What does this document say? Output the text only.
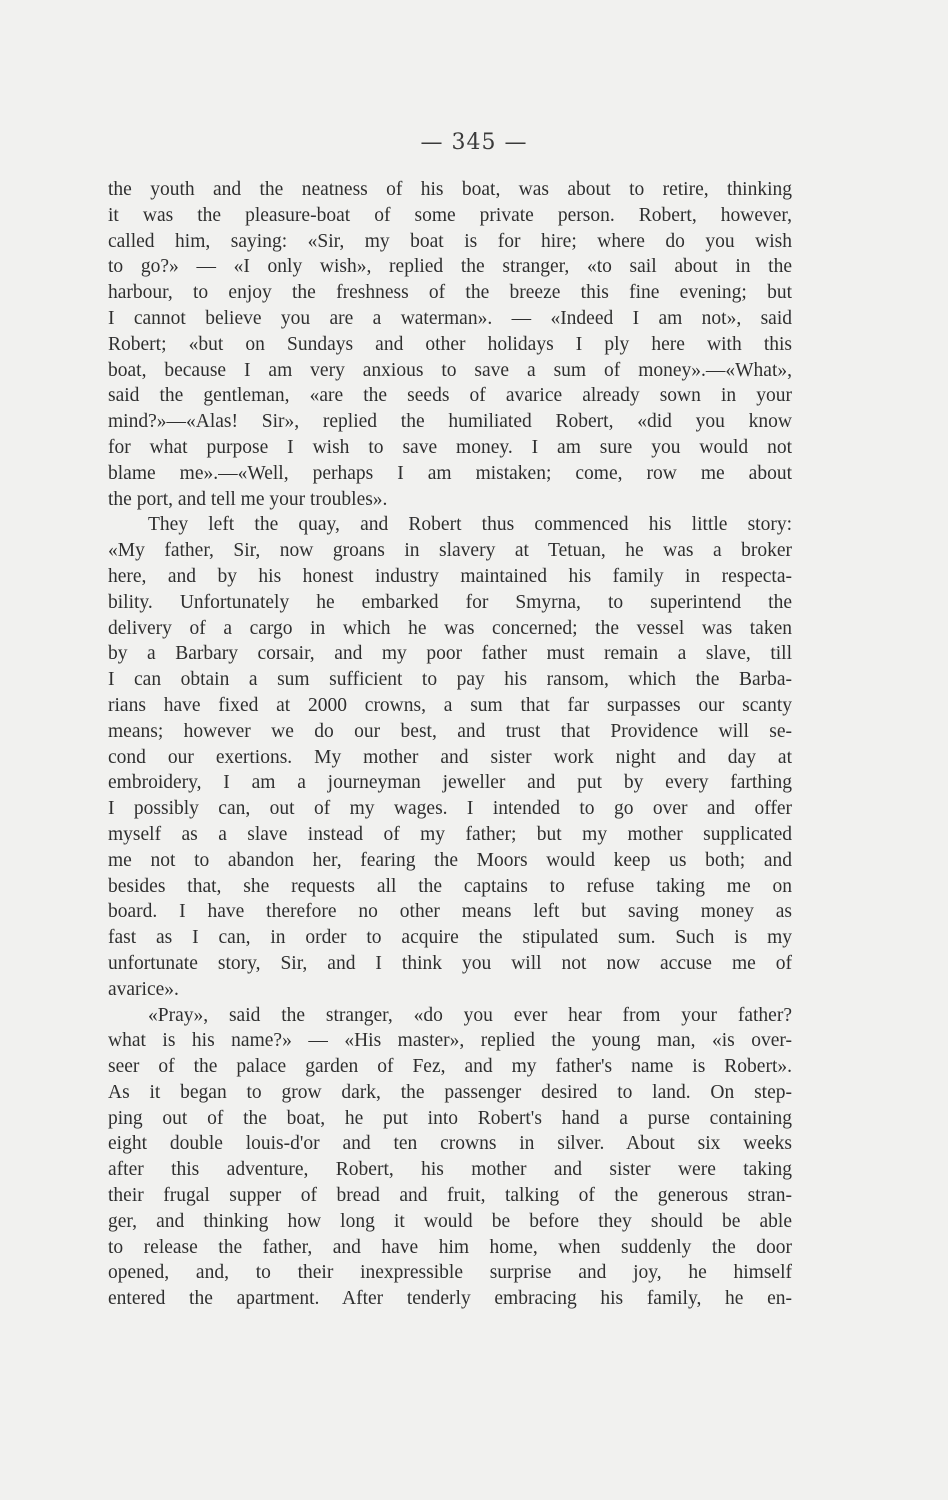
— 345 —
the youth and the neatness of his boat, was about to retire, thinking
it was the pleasure-boat of some private person. Robert, however,
called him, saying: «Sir, my boat is for hire; where do you wish
to go?» — «I only wish», replied the stranger, «to sail about in the
harbour, to enjoy the freshness of the breeze this fine evening; but
I cannot believe you are a waterman». — «Indeed I am not», said
Robert; «but on Sundays and other holidays I ply here with this
boat, because I am very anxious to save a sum of money».—«What»,
said the gentleman, «are the seeds of avarice already sown in your
mind?»—«Alas! Sir», replied the humiliated Robert, «did you know
for what purpose I wish to save money. I am sure you would not
blame me».—«Well, perhaps I am mistaken; come, row me about
the port, and tell me your troubles».
They left the quay, and Robert thus commenced his little story:
«My father, Sir, now groans in slavery at Tetuan, he was a broker
here, and by his honest industry maintained his family in respecta-
bility. Unfortunately he embarked for Smyrna, to superintend the
delivery of a cargo in which he was concerned; the vessel was taken
by a Barbary corsair, and my poor father must remain a slave, till
I can obtain a sum sufficient to pay his ransom, which the Barba-
rians have fixed at 2000 crowns, a sum that far surpasses our scanty
means; however we do our best, and trust that Providence will se-
cond our exertions. My mother and sister work night and day at
embroidery, I am a journeyman jeweller and put by every farthing
I possibly can, out of my wages. I intended to go over and offer
myself as a slave instead of my father; but my mother supplicated
me not to abandon her, fearing the Moors would keep us both; and
besides that, she requests all the captains to refuse taking me on
board. I have therefore no other means left but saving money as
fast as I can, in order to acquire the stipulated sum. Such is my
unfortunate story, Sir, and I think you will not now accuse me of
avarice».
«Pray», said the stranger, «do you ever hear from your father?
what is his name?» — «His master», replied the young man, «is over-
seer of the palace garden of Fez, and my father's name is Robert».
As it began to grow dark, the passenger desired to land. On step-
ping out of the boat, he put into Robert's hand a purse containing
eight double louis-d'or and ten crowns in silver. About six weeks
after this adventure, Robert, his mother and sister were taking
their frugal supper of bread and fruit, talking of the generous stran-
ger, and thinking how long it would be before they should be able
to release the father, and have him home, when suddenly the door
opened, and, to their inexpressible surprise and joy, he himself
entered the apartment. After tenderly embracing his family, he en-
